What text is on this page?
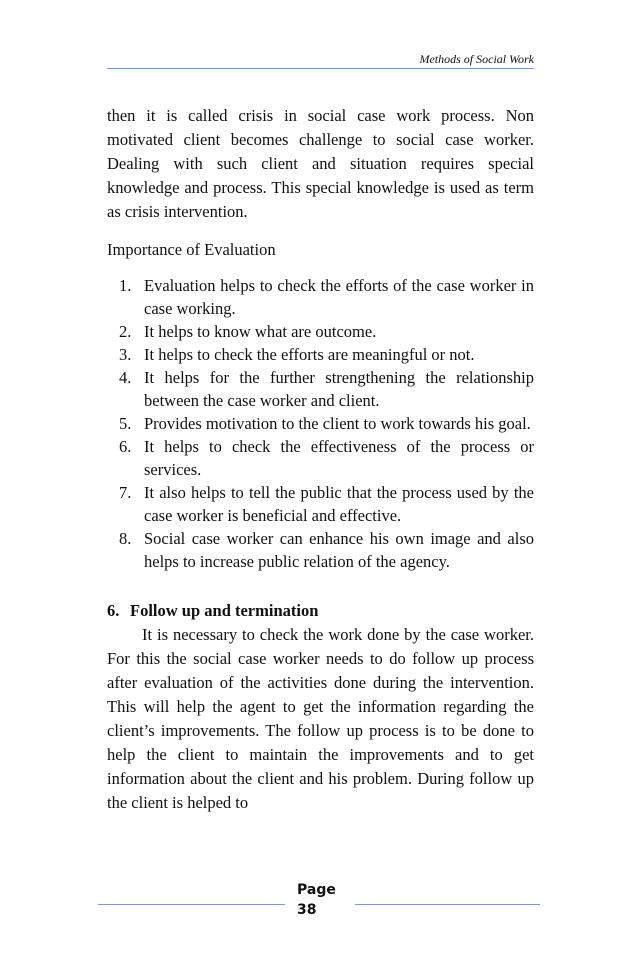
Methods of Social Work

then it is called crisis in social case work process. Non motivated client becomes challenge to social case worker. Dealing with such client and situation requires special knowledge and process. This special knowledge is used as term as crisis intervention.

Importance of Evaluation
1. Evaluation helps to check the efforts of the case worker in case working.
2. It helps to know what are outcome.
3. It helps to check the efforts are meaningful or not.
4. It helps for the further strengthening the relationship between the case worker and client.
5. Provides motivation to the client to work towards his goal.
6. It helps to check the effectiveness of the process or services.
7. It also helps to tell the public that the process used by the case worker is beneficial and effective.
8. Social case worker can enhance his own image and also helps to increase public relation of the agency.
6. Follow up and termination

It is necessary to check the work done by the case worker. For this the social case worker needs to do follow up process after evaluation of the activities done during the intervention. This will help the agent to get the information regarding the client’s improvements. The follow up process is to be done to help the client to maintain the improvements and to get information about the client and his problem. During follow up the client is helped to

Page
38
